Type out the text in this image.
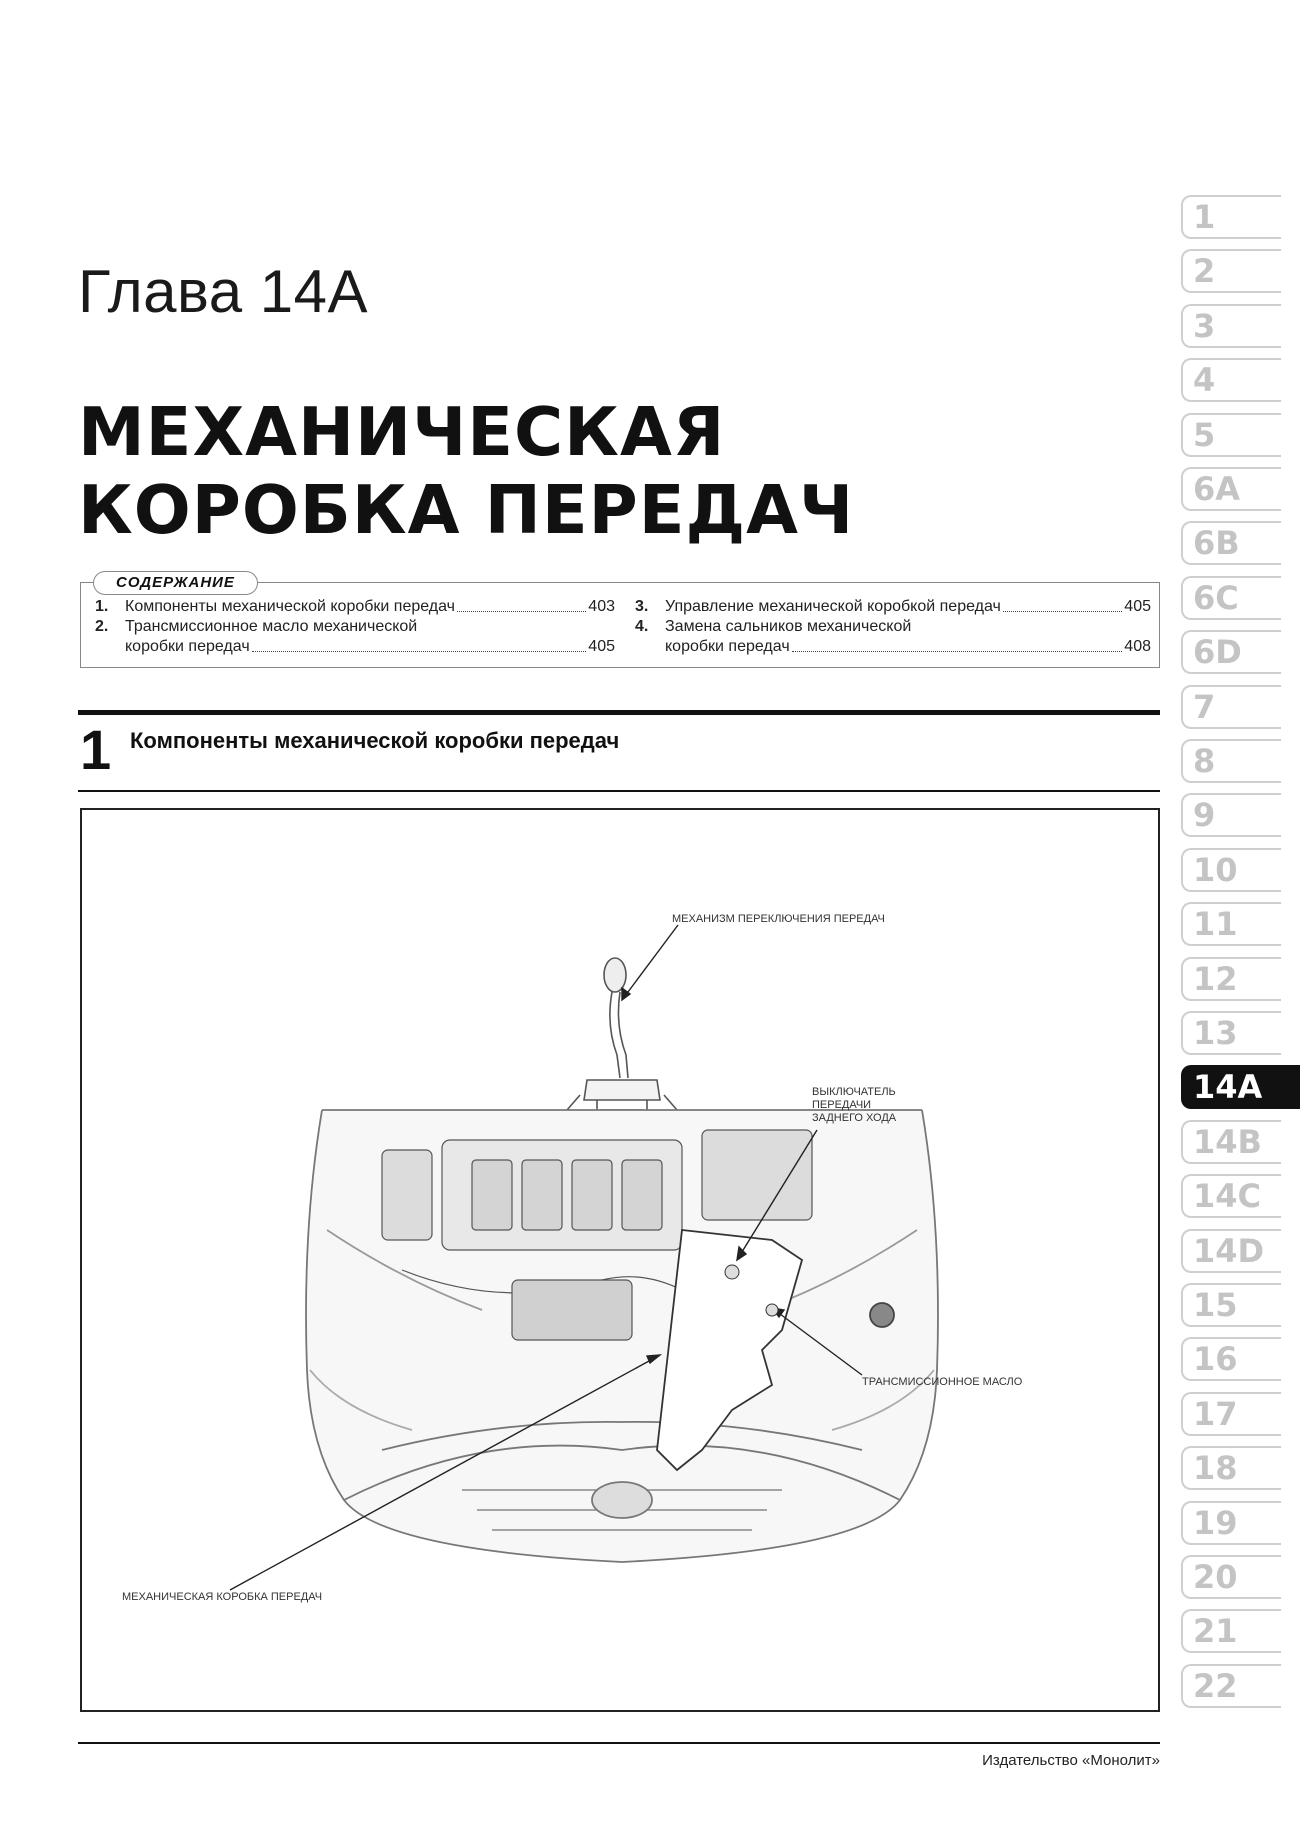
Глава 14А
МЕХАНИЧЕСКАЯ
КОРОБКА ПЕРЕДАЧ
СОДЕРЖАНИЕ
1.	Компоненты механической коробки передач	403
2.	Трансмиссионное масло механической
коробки передач	405
3.	Управление механической коробкой передач	405
4.	Замена сальников механической
коробки передач	408
1 Компоненты механической коробки передач
МЕХАНИЗМ ПЕРЕКЛЮЧЕНИЯ ПЕРЕДАЧ
ВЫКЛЮЧАТЕЛЬ
ПЕРЕДАЧИ
ЗАДНЕГО ХОДА
ТРАНСМИССИОННОЕ МАСЛО
МЕХАНИЧЕСКАЯ КОРОБКА ПЕРЕДАЧ
1
2
3
4
5
6A
6B
6C
6D
7
8
9
10
11
12
13
14A
14B
14C
14D
15
16
17
18
19
20
21
22
Издательство «Монолит»
